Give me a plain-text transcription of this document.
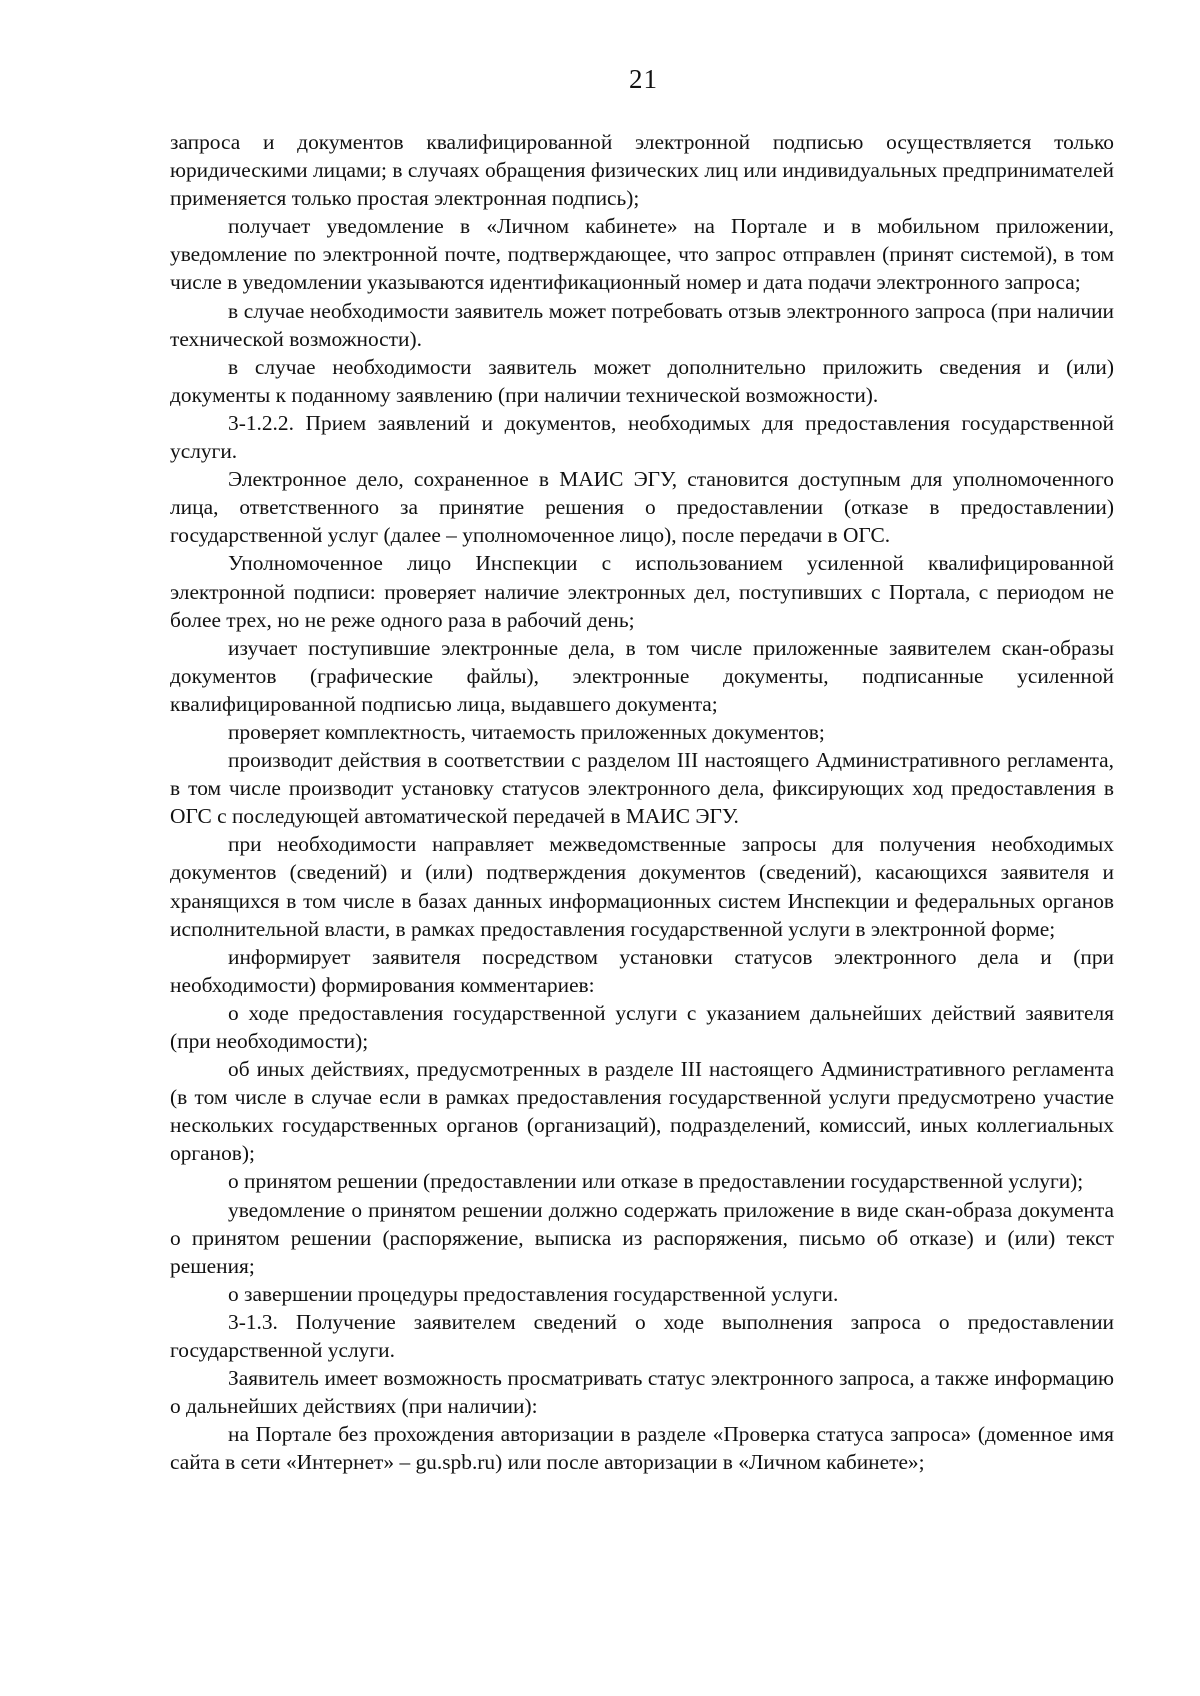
21

запроса и документов квалифицированной электронной подписью осуществляется только юридическими лицами; в случаях обращения физических лиц или индивидуальных предпринимателей применяется только простая электронная подпись);

получает уведомление в «Личном кабинете» на Портале и в мобильном приложении, уведомление по электронной почте, подтверждающее, что запрос отправлен (принят системой), в том числе в уведомлении указываются идентификационный номер и дата подачи электронного запроса;

в случае необходимости заявитель может потребовать отзыв электронного запроса (при наличии технической возможности).

в случае необходимости заявитель может дополнительно приложить сведения и (или) документы к поданному заявлению (при наличии технической возможности).

3-1.2.2. Прием заявлений и документов, необходимых для предоставления государственной услуги.

Электронное дело, сохраненное в МАИС ЭГУ, становится доступным для уполномоченного лица, ответственного за принятие решения о предоставлении (отказе в предоставлении) государственной услуг (далее – уполномоченное лицо), после передачи в ОГС.

Уполномоченное лицо Инспекции с использованием усиленной квалифицированной электронной подписи: проверяет наличие электронных дел, поступивших с Портала, с периодом не более трех, но не реже одного раза в рабочий день;

изучает поступившие электронные дела, в том числе приложенные заявителем скан-образы документов (графические файлы), электронные документы, подписанные усиленной квалифицированной подписью лица, выдавшего документа;

проверяет комплектность, читаемость приложенных документов;

производит действия в соответствии с разделом III настоящего Административного регламента, в том числе производит установку статусов электронного дела, фиксирующих ход предоставления в ОГС с последующей автоматической передачей в МАИС ЭГУ.

при необходимости направляет межведомственные запросы для получения необходимых документов (сведений) и (или) подтверждения документов (сведений), касающихся заявителя и хранящихся в том числе в базах данных информационных систем Инспекции и федеральных органов исполнительной власти, в рамках предоставления государственной услуги в электронной форме;

информирует заявителя посредством установки статусов электронного дела и (при необходимости) формирования комментариев:

о ходе предоставления государственной услуги с указанием дальнейших действий заявителя (при необходимости);

об иных действиях, предусмотренных в разделе III настоящего Административного регламента (в том числе в случае если в рамках предоставления государственной услуги предусмотрено участие нескольких государственных органов (организаций), подразделений, комиссий, иных коллегиальных органов);

о принятом решении (предоставлении или отказе в предоставлении государственной услуги);

уведомление о принятом решении должно содержать приложение в виде скан-образа документа о принятом решении (распоряжение, выписка из распоряжения, письмо об отказе) и (или) текст решения;

о завершении процедуры предоставления государственной услуги.

3-1.3. Получение заявителем сведений о ходе выполнения запроса о предоставлении государственной услуги.

Заявитель имеет возможность просматривать статус электронного запроса, а также информацию о дальнейших действиях (при наличии):

на Портале без прохождения авторизации в разделе «Проверка статуса запроса» (доменное имя сайта в сети «Интернет» – gu.spb.ru) или после авторизации в «Личном кабинете»;
